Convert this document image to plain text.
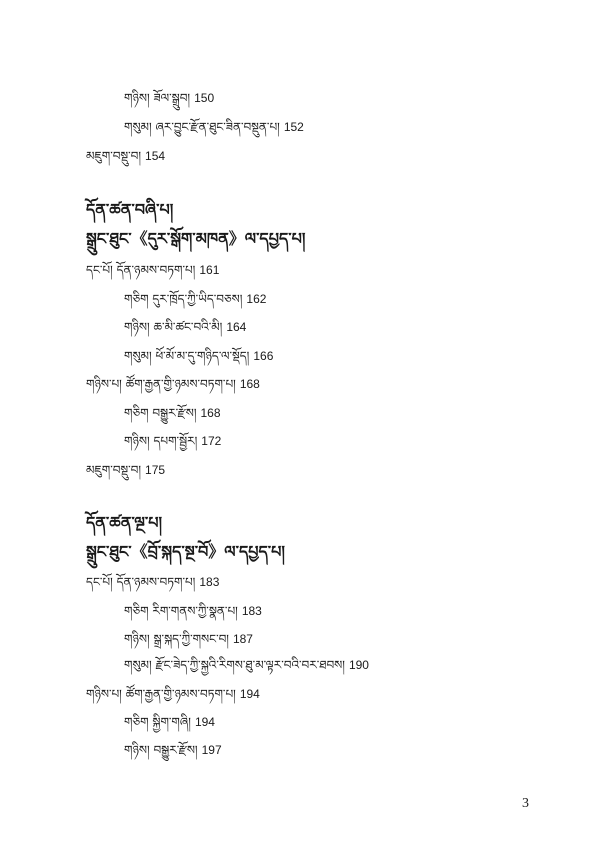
གཉིས། ཟོལ་སྒྲུབ། 150
གསུམ། ཞར་བྱུང་རྫོན་ཐུང་ཟིན་བསྡུན་པ། 152
མཇུག་བསྡུ་བ། 154
དོན་ཚན་བཞི་པ།
སྒྲུང་ཐུང་《དུར་སྒོག་མཁན》ལ་དཔྱད་པ།
དང་པོ། དོན་ཉམས་བཏག་པ། 161
གཅིག དུར་ཁྲོད་ཀྱི་ཡིད་བཅས། 162
གཉིས། ཆ་མི་ཚང་བའི་མི། 164
གསུམ། ཕོ་མོ་མ་དུ་གཉིད་ལ་སྡོད། 166
གཉིས་པ། ཚོག་རྒྱན་གྱི་ཉམས་བཏག་པ། 168
གཅིག བསྒྱུར་རྫོས། 168
གཉིས། དཔག་སྦྱོར། 172
མཇུག་བསྡུ་བ། 175
དོན་ཚན་ལྔ་པ།
སྒྲུང་ཐུང་《བྲོ་སྐད་སྔ་བོ》ལ་དཔྱད་པ།
དང་པོ། དོན་ཉམས་བཏག་པ། 183
གཅིག རིག་གནས་ཀྱི་སྣན་པ། 183
གཉིས། སྒྲ་སྐད་ཀྱི་གསང་བ། 187
གསུམ། རྫོང་ཟེད་ཀྱི་སྐྱའི་རིགས་ཐུ་མ་ལྟར་བའི་བར་ཐབས། 190
གཉིས་པ། ཚོག་རྒྱན་གྱི་ཉམས་བཏག་པ། 194
གཅིག སྐྱིག་གཞི། 194
གཉིས། བསྒྱུར་རྫོས། 197
3
